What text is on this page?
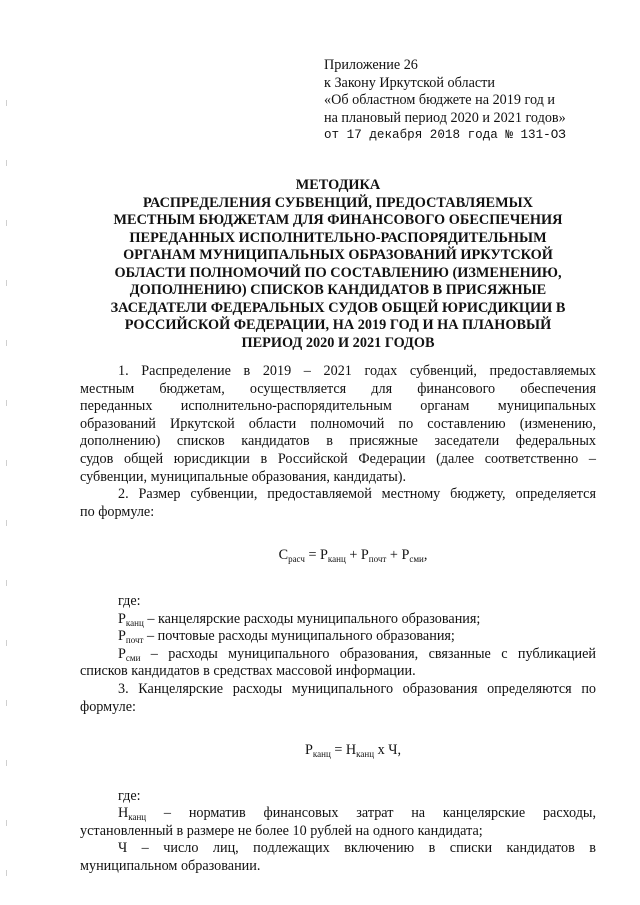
Приложение 26
к Закону Иркутской области
«Об областном бюджете на 2019 год и
на плановый период 2020 и 2021 годов»
от 17 декабря 2018 года № 131-ОЗ
МЕТОДИКА
РАСПРЕДЕЛЕНИЯ СУБВЕНЦИЙ, ПРЕДОСТАВЛЯЕМЫХ
МЕСТНЫМ БЮДЖЕТАМ ДЛЯ ФИНАНСОВОГО ОБЕСПЕЧЕНИЯ
ПЕРЕДАННЫХ ИСПОЛНИТЕЛЬНО-РАСПОРЯДИТЕЛЬНЫМ
ОРГАНАМ МУНИЦИПАЛЬНЫХ ОБРАЗОВАНИЙ ИРКУТСКОЙ
ОБЛАСТИ ПОЛНОМОЧИЙ ПО СОСТАВЛЕНИЮ (ИЗМЕНЕНИЮ,
ДОПОЛНЕНИЮ) СПИСКОВ КАНДИДАТОВ В ПРИСЯЖНЫЕ
ЗАСЕДАТЕЛИ ФЕДЕРАЛЬНЫХ СУДОВ ОБЩЕЙ ЮРИСДИКЦИИ В
РОССИЙСКОЙ ФЕДЕРАЦИИ, НА 2019 ГОД И НА ПЛАНОВЫЙ
ПЕРИОД 2020 И 2021 ГОДОВ
1. Распределение в 2019 – 2021 годах субвенций, предоставляемых
местным бюджетам, осуществляется для финансового обеспечения
переданных исполнительно-распорядительным органам муниципальных
образований Иркутской области полномочий по составлению (изменению,
дополнению) списков кандидатов в присяжные заседатели федеральных
судов общей юрисдикции в Российской Федерации (далее соответственно –
субвенции, муниципальные образования, кандидаты).
2. Размер субвенции, предоставляемой местному бюджету, определяется
по формуле:
$С_{расч} = Р_{канц} + Р_{почт} + Р_{сми}$,
где:
$Р_{канц}$ – канцелярские расходы муниципального образования;
$Р_{почт}$ – почтовые расходы муниципального образования;
$Р_{сми}$ – расходы муниципального образования, связанные с публикацией
списков кандидатов в средствах массовой информации.
3. Канцелярские расходы муниципального образования определяются по
формуле:
$Р_{канц} = Н_{канц}$ х Ч,
где:
$Н_{канц}$ – норматив финансовых затрат на канцелярские расходы,
установленный в размере не более 10 рублей на одного кандидата;
Ч – число лиц, подлежащих включению в списки кандидатов в
муниципальном образовании.
